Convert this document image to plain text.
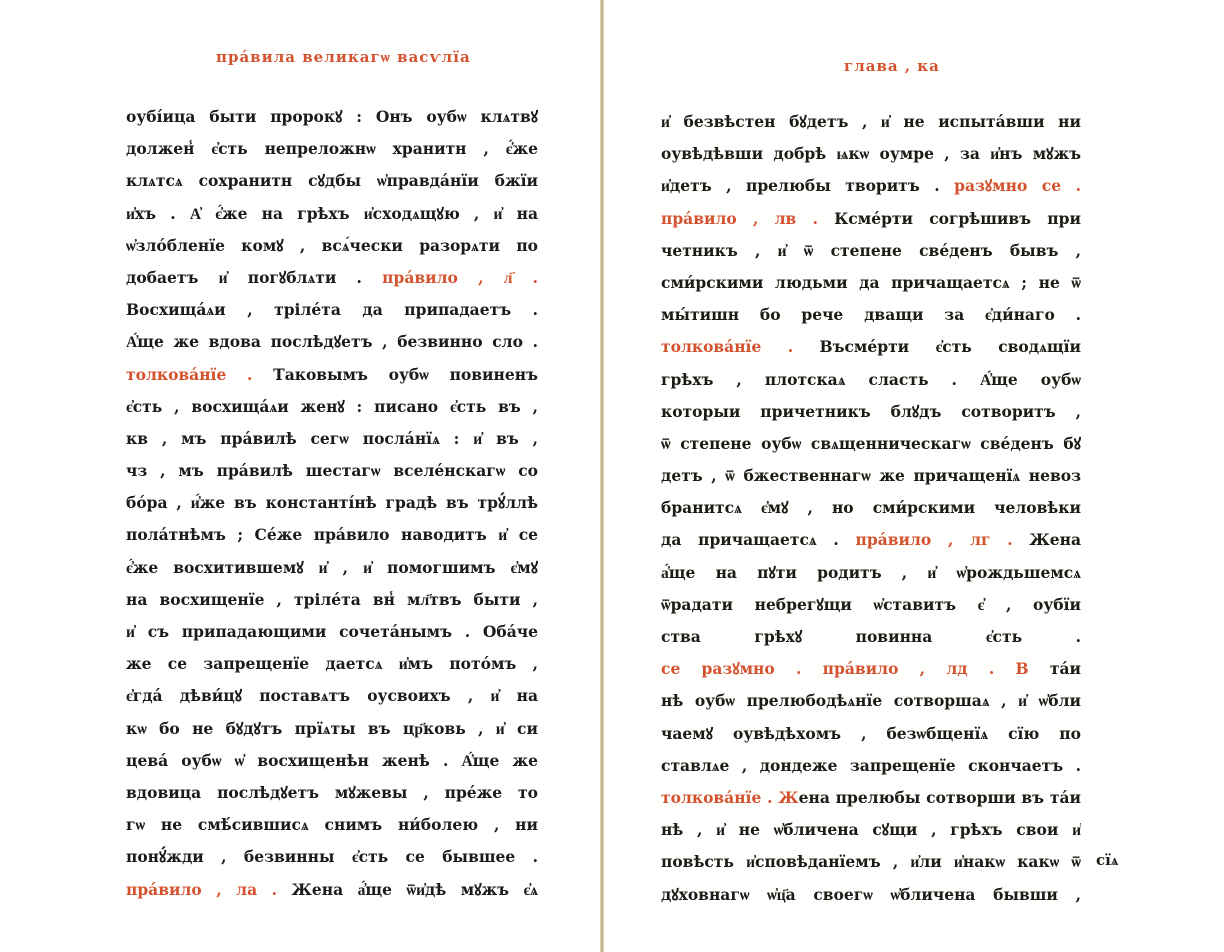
прáвила великагѡ васѵлїа
оубі́ица быти пророкꙋ : Онъ оубѡ клѧтвꙋ
должен̾ є҆сть непреложнѡ хранитн , є҆́же
клѧтсѧ сохранитн сꙋдбы ѡ҆правдáнїи бжїи
и҆хъ . А҆ є҆́же на грѣхъ и҆сходѧщꙋю , и҆ на
ѡ҆зло́бленїе комꙋ , всѧ́чески разорѧти по
добаетъ и҆ погꙋблѧти . прáвило , л҃ .
Восхищáѧи , тріле́та да припадаетъ .
А҆́ще же вдова послѣдꙋетъ , безвинно сло .
толковáнїе . Таковымъ оубѡ повиненъ
є҆сть , восхищáѧи женꙋ : писано є҆сть въ ,
кв , мъ прáвилѣ сегѡ послáнїѧ : и҆ въ ,
чз , мъ прáвилѣ шестагѡ вселе́нскагѡ со
бо́ра , и҆́же въ константі́нѣ градѣ въ трꙋ́ллѣ
полáтнѣмъ ; Се́же прáвило наводитъ и҆ се
є҆́же восхитившемꙋ и҆ , и҆ помогшимъ є҆мꙋ
на восхищенїе , тріле́та вн̾ мл҃твъ быти ,
и҆ съ припадающими сочетáнымъ . Обáче
же се запрещенїе даетсѧ и҆мъ пото́мъ ,
є҆гдá дѣви́цꙋ поставѧтъ оусвоихъ , и҆ на
кѡ бо не бꙋдꙋтъ прїѧты въ цр҃ковь , и҆ си
цевá оубѡ ѡ҆ восхищенѣн женѣ . А҆́ще же
вдовица послѣдꙋетъ мꙋжевы , пре́же то
гѡ не смѣ́сившисѧ снимъ ни́болею , ни
понꙋ́жди , безвинны є҆сть се бывшее .
прáвило , ла . Жена а҆́ще ѿи҆дѣ мꙋжъ є҆ѧ
глава , ка
и҆ безвѣстен бꙋдетъ , и҆ не испытáвши ни
оувѣдѣвши добрѣ ѩкѡ оумре , за и҆нъ мꙋжъ
и҆детъ , прелюбы творитъ . разꙋмно се .
прáвило , лв . Ксме́рти согрѣшивъ при
четникъ , и҆ ѿ степене све́денъ бывъ ,
сми́рскими людьми да причащаетсѧ ; не ѿ
мы́тишн бо рече дващи за є҆ди́наго .
толковáнїе . Въсме́рти є҆сть сводѧщїи
грѣхъ , плотскаѧ сласть . А҆́ще оубѡ
которыи причетникъ блꙋдъ сотворитъ ,
ѿ степене оубѡ свѧщенническагѡ све́денъ бꙋ
детъ , ѿ бжественнагѡ же причащенїѧ невоз
бранитсѧ є҆мꙋ , но сми́рскими человѣки
да причащаетсѧ . прáвило , лг . Жена
а҆́ще на пꙋти родитъ , и҆ ѡ҆рождьшемсѧ
ѿрадати небрегꙋщи ѡ҆ставитъ є҆ , оубїи
ства грѣхꙋ повинна є҆сть .
се разꙋмно . прáвило , лд . В тáи
нѣ оубѡ прелюбодѣѧнїе сотворшаѧ , и҆ ѡ҆бли
чаемꙋ оувѣдѣхомъ , безѡбщенїѧ сїю по
ставлѧе , дондеже запрещенїе скончаетъ .
толковáнїе . Жена прелюбы сотворши въ тáи
нѣ , и҆ не ѡ҆бличена сꙋщи , грѣхъ свои и҆
повѣсть и҆сповѣданїемъ , и҆ли и҆накѡ какѡ ѿ
дꙋховнагѡ ѡ҆ц҃а своегѡ ѡ҆бличена бывши ,
сїѧ
